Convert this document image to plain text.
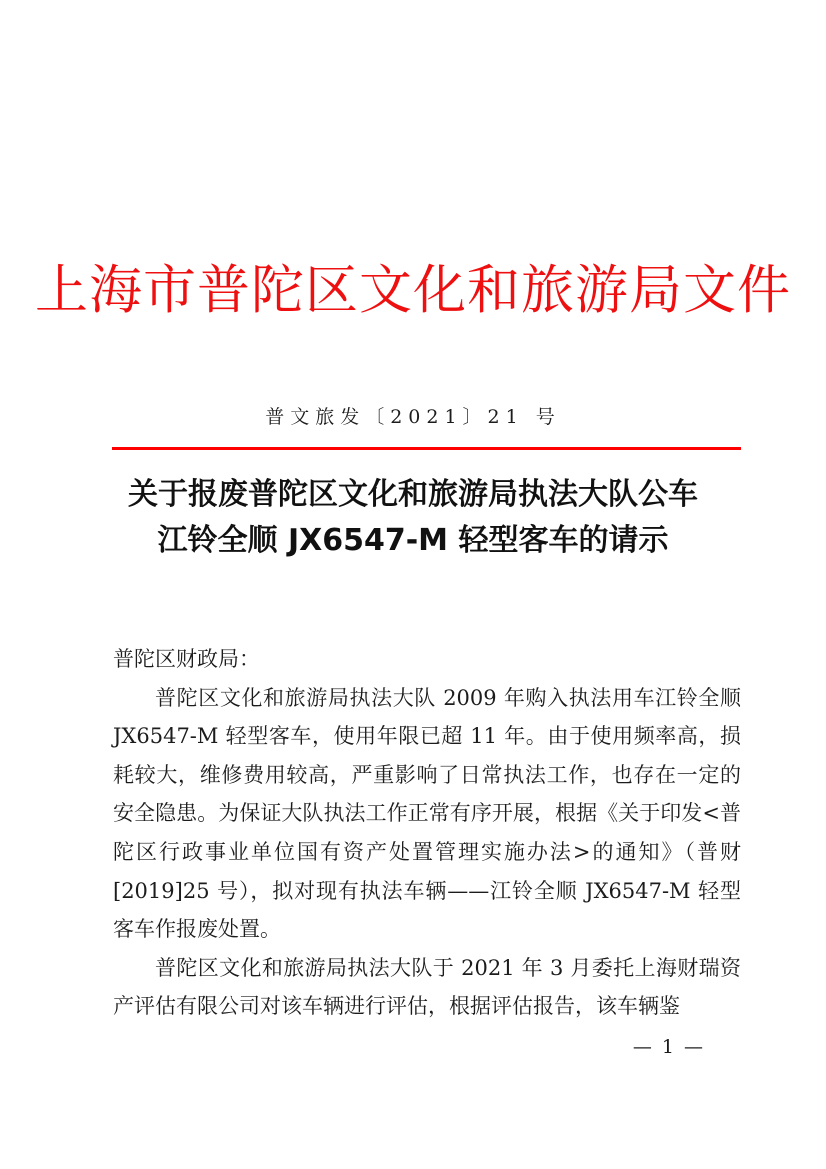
上海市普陀区文化和旅游局文件
普文旅发〔2021〕21 号
关于报废普陀区文化和旅游局执法大队公车
江铃全顺 JX6547-M 轻型客车的请示
普陀区财政局：
普陀区文化和旅游局执法大队 2009 年购入执法用车江铃全顺 JX6547-M 轻型客车，使用年限已超 11 年。由于使用频率高，损耗较大，维修费用较高，严重影响了日常执法工作，也存在一定的安全隐患。为保证大队执法工作正常有序开展，根据《关于印发<普陀区行政事业单位国有资产处置管理实施办法>的通知》（普财[2019]25 号），拟对现有执法车辆——江铃全顺 JX6547-M 轻型客车作报废处置。
普陀区文化和旅游局执法大队于 2021 年 3 月委托上海财瑞资产评估有限公司对该车辆进行评估，根据评估报告，该车辆鉴
— 1 —
